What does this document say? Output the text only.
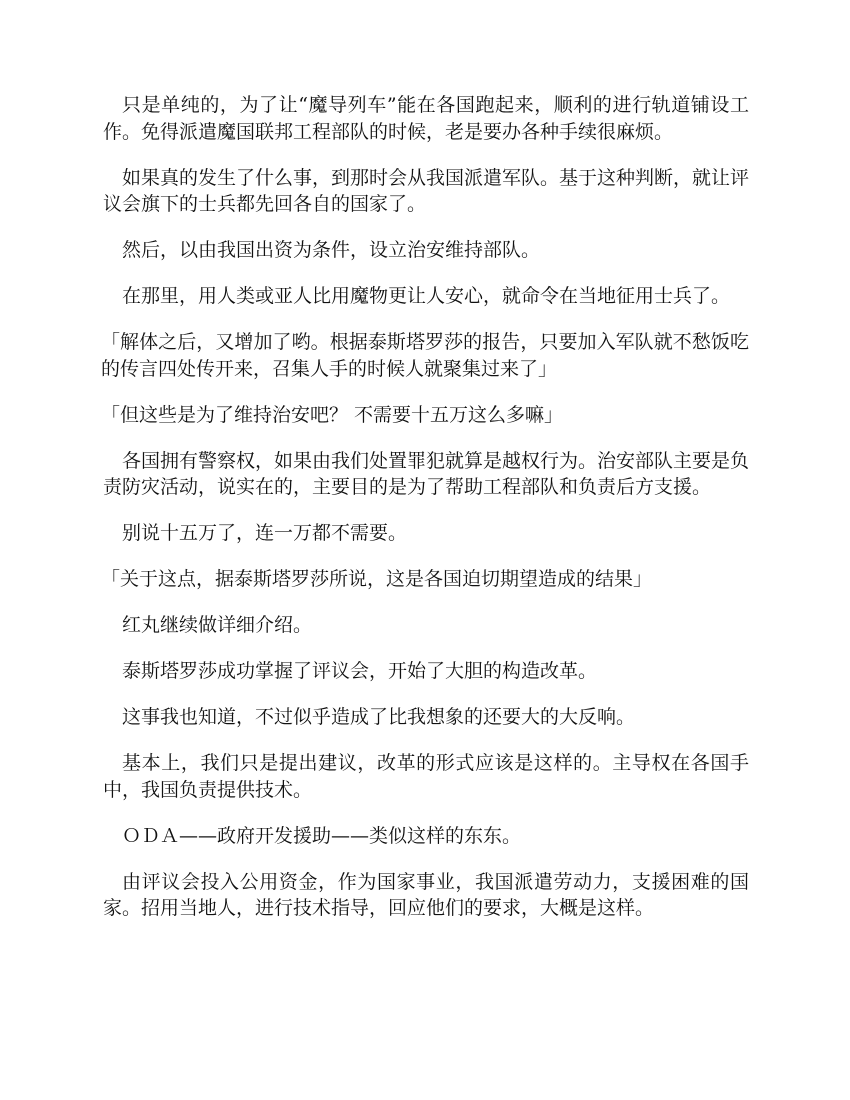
只是单纯的，为了让“魔导列车”能在各国跑起来，顺利的进行轨道铺设工作。免得派遣魔国联邦工程部队的时候，老是要办各种手续很麻烦。

如果真的发生了什么事，到那时会从我国派遣军队。基于这种判断，就让评议会旗下的士兵都先回各自的国家了。

然后，以由我国出资为条件，设立治安维持部队。

在那里，用人类或亚人比用魔物更让人安心，就命令在当地征用士兵了。

「解体之后，又增加了哟。根据泰斯塔罗莎的报告，只要加入军队就不愁饭吃的传言四处传开来，召集人手的时候人就聚集过来了」

「但这些是为了维持治安吧？ 不需要十五万这么多嘛」

各国拥有警察权，如果由我们处置罪犯就算是越权行为。治安部队主要是负责防灾活动，说实在的，主要目的是为了帮助工程部队和负责后方支援。

别说十五万了，连一万都不需要。

「关于这点，据泰斯塔罗莎所说，这是各国迫切期望造成的结果」

红丸继续做详细介绍。

泰斯塔罗莎成功掌握了评议会，开始了大胆的构造改革。

这事我也知道，不过似乎造成了比我想象的还要大的大反响。

基本上，我们只是提出建议，改革的形式应该是这样的。主导权在各国手中，我国负责提供技术。

ＯＤＡ——政府开发援助——类似这样的东东。

由评议会投入公用资金，作为国家事业，我国派遣劳动力，支援困难的国家。招用当地人，进行技术指导，回应他们的要求，大概是这样。
